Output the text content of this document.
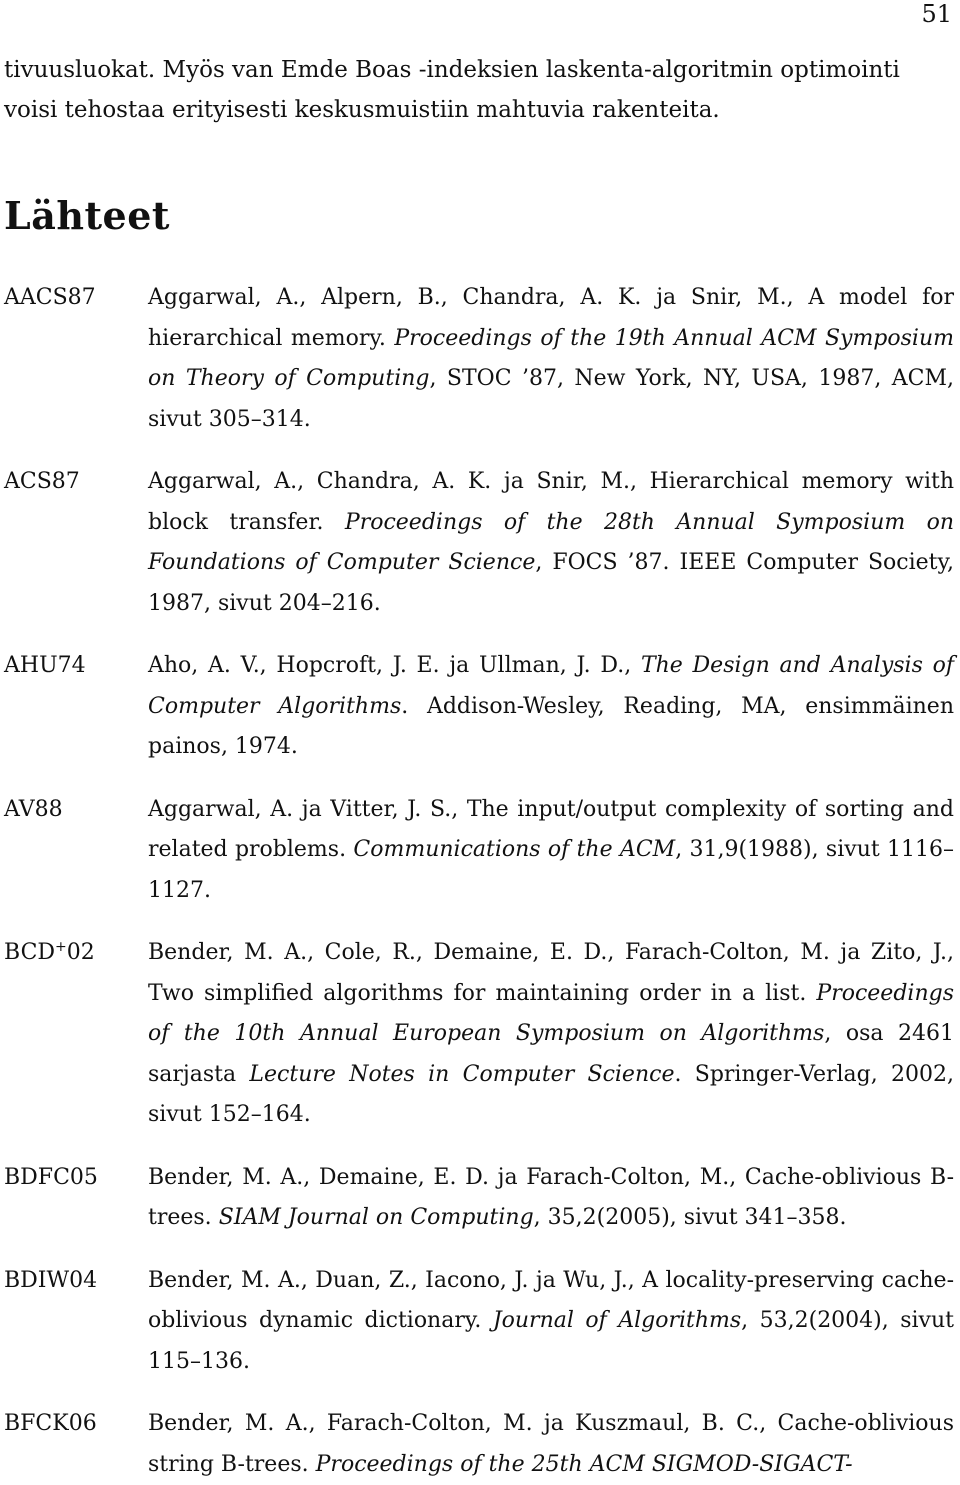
51

tivuusluokat. Myös van Emde Boas -indeksien laskenta-algoritmin optimointi voisi tehostaa erityisesti keskusmuistiin mahtuvia rakenteita.

Lähteet
AACS87	Aggarwal, A., Alpern, B., Chandra, A. K. ja Snir, M., A model for hierarchical memory. Proceedings of the 19th Annual ACM Symposium on Theory of Computing, STOC ’87, New York, NY, USA, 1987, ACM, sivut 305–314.
ACS87	Aggarwal, A., Chandra, A. K. ja Snir, M., Hierarchical memory with block transfer. Proceedings of the 28th Annual Symposium on Foundations of Computer Science, FOCS ’87. IEEE Computer Society, 1987, sivut 204–216.
AHU74	Aho, A. V., Hopcroft, J. E. ja Ullman, J. D., The Design and Analysis of Computer Algorithms. Addison-Wesley, Reading, MA, ensimmäinen painos, 1974.
AV88	Aggarwal, A. ja Vitter, J. S., The input/output complexity of sorting and related problems. Communications of the ACM, 31,9(1988), sivut 1116–1127.
BCD+02	Bender, M. A., Cole, R., Demaine, E. D., Farach-Colton, M. ja Zito, J., Two simplified algorithms for maintaining order in a list. Proceedings of the 10th Annual European Symposium on Algorithms, osa 2461 sarjasta Lecture Notes in Computer Science. Springer-Verlag, 2002, sivut 152–164.
BDFC05	Bender, M. A., Demaine, E. D. ja Farach-Colton, M., Cache-oblivious B-trees. SIAM Journal on Computing, 35,2(2005), sivut 341–358.
BDIW04	Bender, M. A., Duan, Z., Iacono, J. ja Wu, J., A locality-preserving cache-oblivious dynamic dictionary. Journal of Algorithms, 53,2(2004), sivut 115–136.
BFCK06	Bender, M. A., Farach-Colton, M. ja Kuszmaul, B. C., Cache-oblivious string B-trees. Proceedings of the 25th ACM SIGMOD-SIGACT-
